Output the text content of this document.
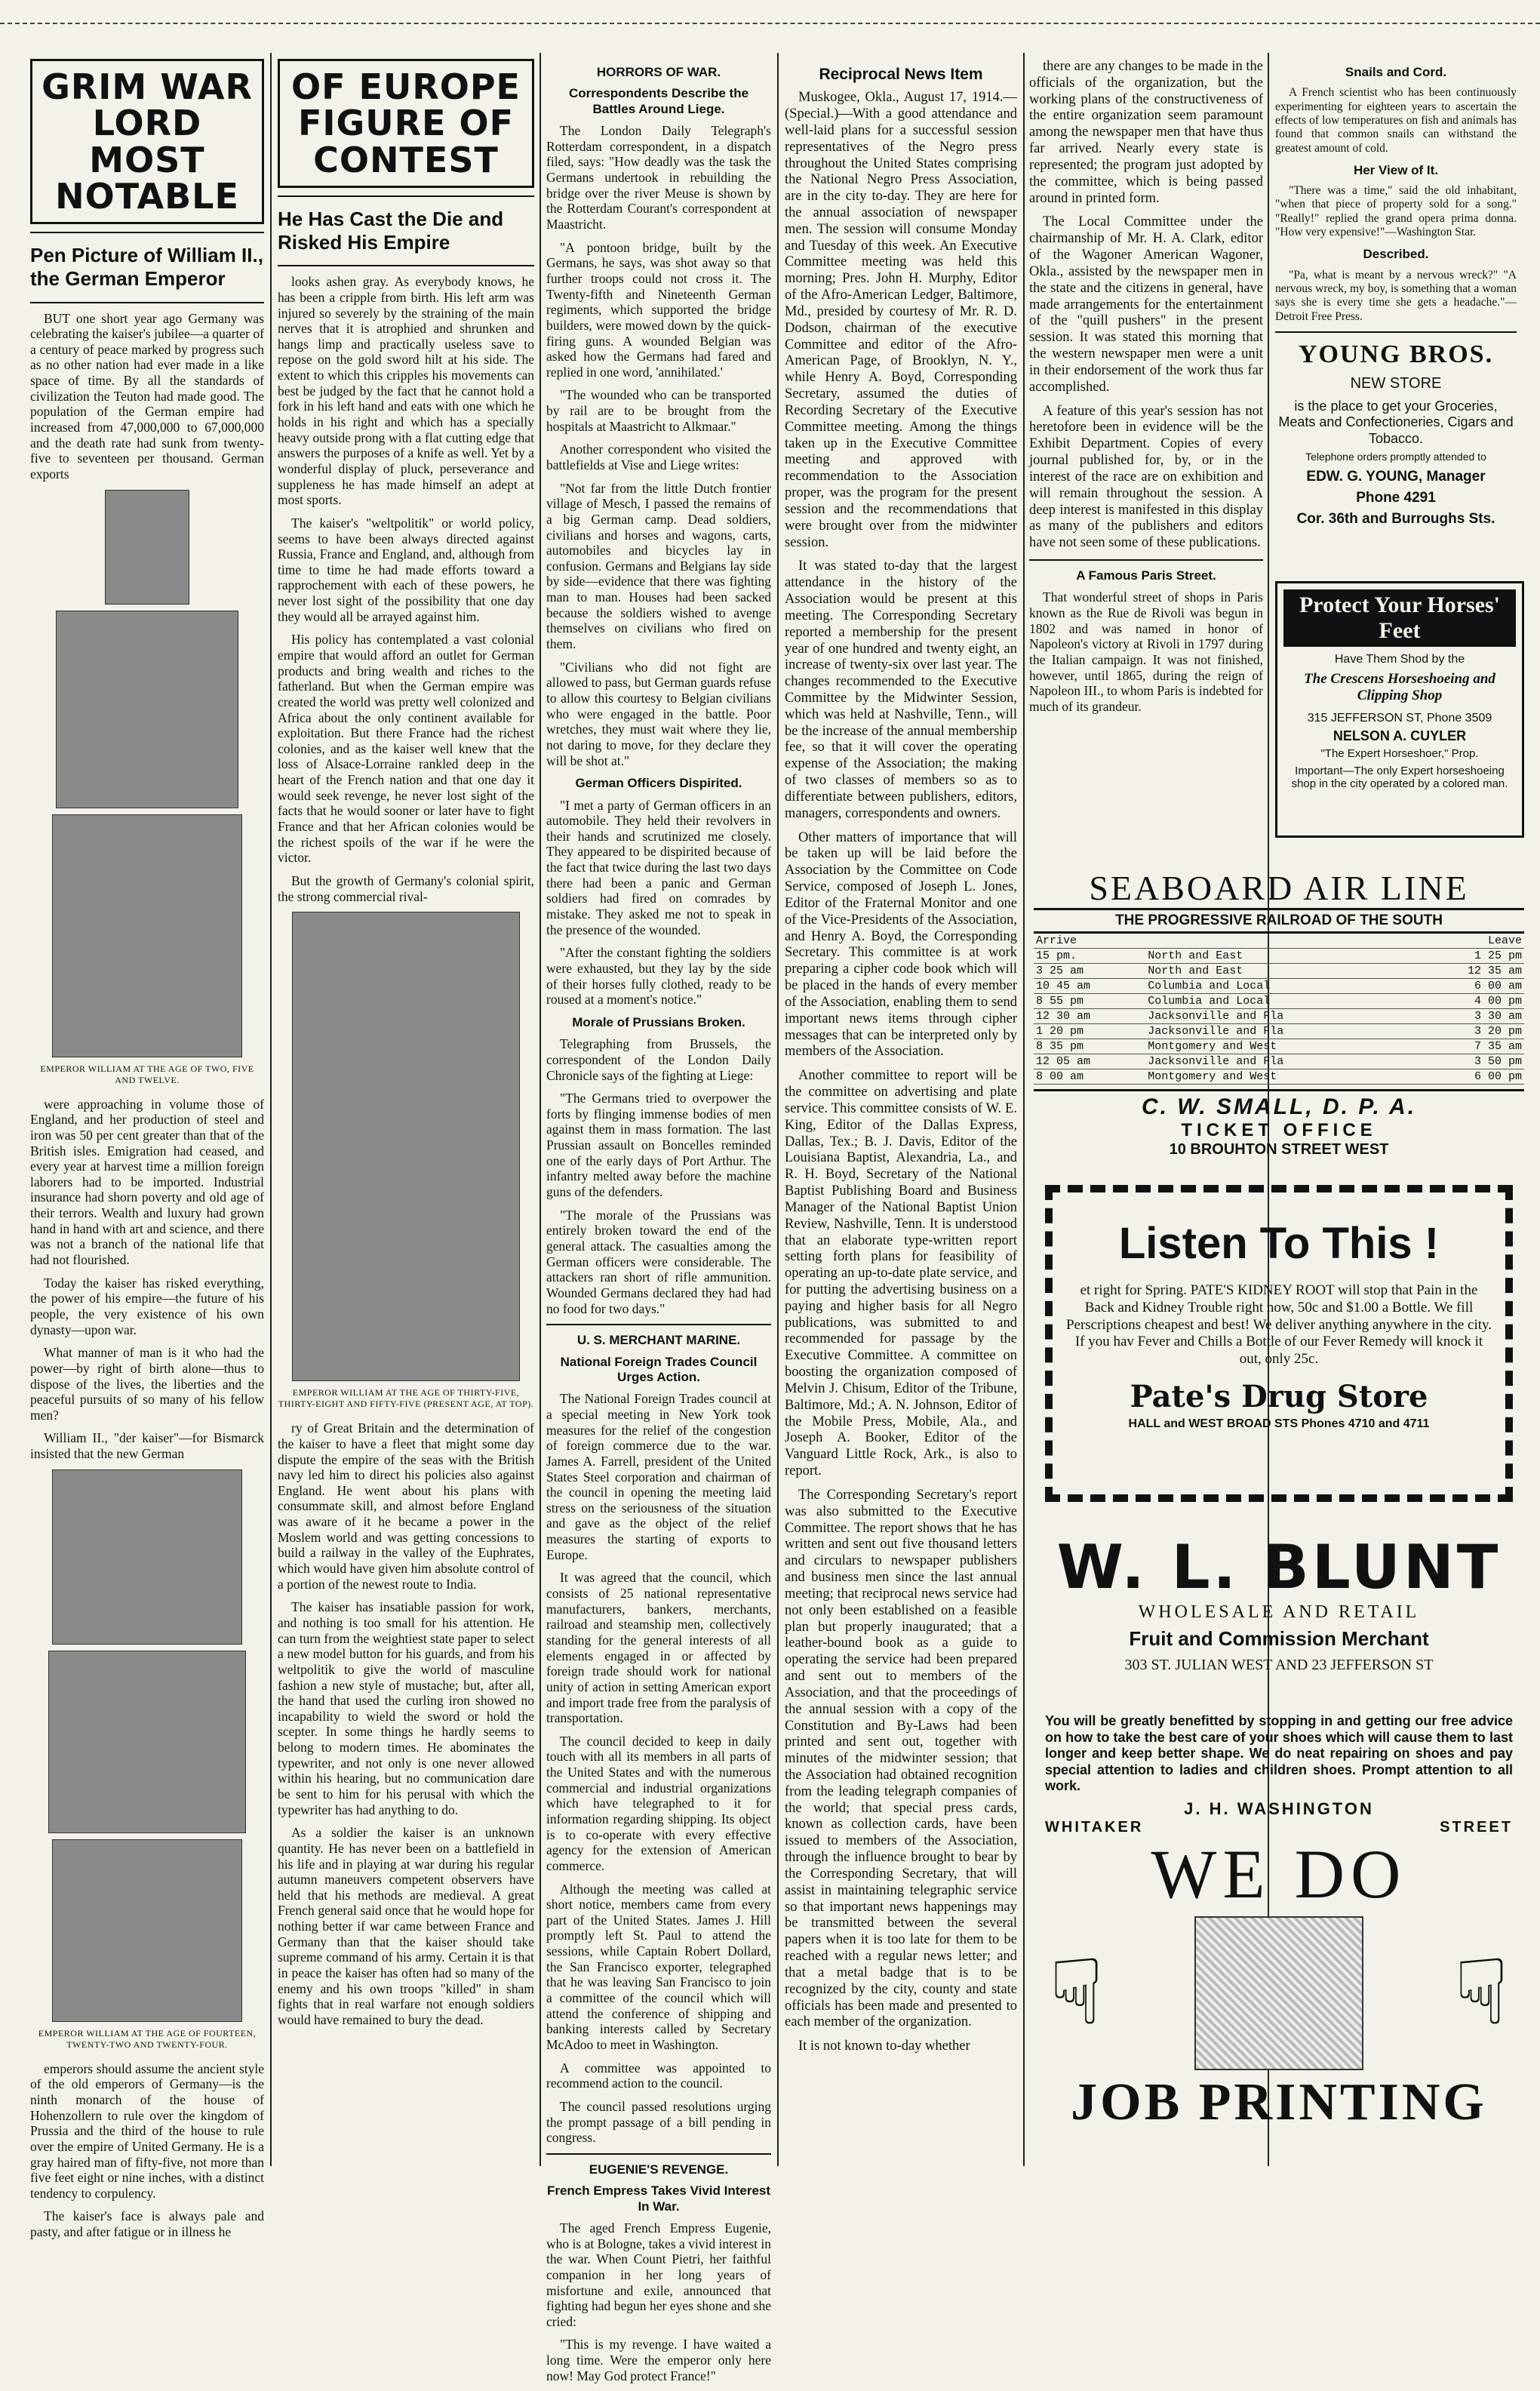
GRIM WAR LORD MOST NOTABLE
Pen Picture of William II., the German Emperor

BUT one short year ago Germany was celebrating the kaiser's jubilee—a quarter of a century of peace marked by progress such as no other nation had ever made in a like space of time. By all the standards of civilization the Teuton had made good. The population of the German empire had increased from 47,000,000 to 67,000,000 and the death rate had sunk from twenty-five to seventeen per thousand. German exports

EMPEROR WILLIAM AT THE AGE OF TWO, FIVE AND TWELVE.

were approaching in volume those of England, and her production of steel and iron was 50 per cent greater than that of the British isles. Emigration had ceased, and every year at harvest time a million foreign laborers had to be imported. Industrial insurance had shorn poverty and old age of their terrors. Wealth and luxury had grown hand in hand with art and science, and there was not a branch of the national life that had not flourished.

Today the kaiser has risked everything, the power of his empire—the future of his people, the very existence of his own dynasty—upon war.

What manner of man is it who had the power—by right of birth alone—thus to dispose of the lives, the liberties and the peaceful pursuits of so many of his fellow men?

William II., "der kaiser"—for Bismarck insisted that the new German

EMPEROR WILLIAM AT THE AGE OF FOURTEEN, TWENTY-TWO AND TWENTY-FOUR.

emperors should assume the ancient style of the old emperors of Germany—is the ninth monarch of the house of Hohenzollern to rule over the kingdom of Prussia and the third of the house to rule over the empire of United Germany. He is a gray haired man of fifty-five, not more than five feet eight or nine inches, with a distinct tendency to corpulency.

The kaiser's face is always pale and pasty, and after fatigue or in illness he

OF EUROPE FIGURE OF CONTEST
He Has Cast the Die and Risked His Empire

looks ashen gray. As everybody knows, he has been a cripple from birth. His left arm was injured so severely by the straining of the main nerves that it is atrophied and shrunken and hangs limp and practically useless save to repose on the gold sword hilt at his side. The extent to which this cripples his movements can best be judged by the fact that he cannot hold a fork in his left hand and eats with one which he holds in his right and which has a specially heavy outside prong with a flat cutting edge that answers the purposes of a knife as well. Yet by a wonderful display of pluck, perseverance and suppleness he has made himself an adept at most sports.

The kaiser's "weltpolitik" or world policy, seems to have been always directed against Russia, France and England, and, although from time to time he had made efforts toward a rapprochement with each of these powers, he never lost sight of the possibility that one day they would all be arrayed against him.

His policy has contemplated a vast colonial empire that would afford an outlet for German products and bring wealth and riches to the fatherland. But when the German empire was created the world was pretty well colonized and Africa about the only continent available for exploitation. But there France had the richest colonies, and as the kaiser well knew that the loss of Alsace-Lorraine rankled deep in the heart of the French nation and that one day it would seek revenge, he never lost sight of the facts that he would sooner or later have to fight France and that her African colonies would be the richest spoils of the war if he were the victor.

But the growth of Germany's colonial spirit, the strong commercial rival-

EMPEROR WILLIAM AT THE AGE OF THIRTY-FIVE, THIRTY-EIGHT AND FIFTY-FIVE (PRESENT AGE, AT TOP).

ry of Great Britain and the determination of the kaiser to have a fleet that might some day dispute the empire of the seas with the British navy led him to direct his policies also against England. He went about his plans with consummate skill, and almost before England was aware of it he became a power in the Moslem world and was getting concessions to build a railway in the valley of the Euphrates, which would have given him absolute control of a portion of the newest route to India.

The kaiser has insatiable passion for work, and nothing is too small for his attention. He can turn from the weightiest state paper to select a new model button for his guards, and from his weltpolitik to give the world of masculine fashion a new style of mustache; but, after all, the hand that used the curling iron showed no incapability to wield the sword or hold the scepter. In some things he hardly seems to belong to modern times. He abominates the typewriter, and not only is one never allowed within his hearing, but no communication dare be sent to him for his perusal with which the typewriter has had anything to do.

As a soldier the kaiser is an unknown quantity. He has never been on a battlefield in his life and in playing at war during his regular autumn maneuvers competent observers have held that his methods are medieval. A great French general said once that he would hope for nothing better if war came between France and Germany than that the kaiser should take supreme command of his army. Certain it is that in peace the kaiser has often had so many of the enemy and his own troops "killed" in sham fights that in real warfare not enough soldiers would have remained to bury the dead.

HORRORS OF WAR.
Correspondents Describe the Battles Around Liege.

The London Daily Telegraph's Rotterdam correspondent, in a dispatch filed, says: "How deadly was the task the Germans undertook in rebuilding the bridge over the river Meuse is shown by the Rotterdam Courant's correspondent at Maastricht.

"A pontoon bridge, built by the Germans, he says, was shot away so that further troops could not cross it. The Twenty-fifth and Nineteenth German regiments, which supported the bridge builders, were mowed down by the quick-firing guns. A wounded Belgian was asked how the Germans had fared and replied in one word, 'annihilated.'

"The wounded who can be transported by rail are to be brought from the hospitals at Maastricht to Alkmaar."

Another correspondent who visited the battlefields at Vise and Liege writes:

"Not far from the little Dutch frontier village of Mesch, I passed the remains of a big German camp. Dead soldiers, civilians and horses and wagons, carts, automobiles and bicycles lay in confusion. Germans and Belgians lay side by side—evidence that there was fighting man to man. Houses had been sacked because the soldiers wished to avenge themselves on civilians who fired on them.

"Civilians who did not fight are allowed to pass, but German guards refuse to allow this courtesy to Belgian civilians who were engaged in the battle. Poor wretches, they must wait where they lie, not daring to move, for they declare they will be shot at."

German Officers Dispirited.

"I met a party of German officers in an automobile. They held their revolvers in their hands and scrutinized me closely. They appeared to be dispirited because of the fact that twice during the last two days there had been a panic and German soldiers had fired on comrades by mistake. They asked me not to speak in the presence of the wounded.

"After the constant fighting the soldiers were exhausted, but they lay by the side of their horses fully clothed, ready to be roused at a moment's notice."

Morale of Prussians Broken.

Telegraphing from Brussels, the correspondent of the London Daily Chronicle says of the fighting at Liege:

"The Germans tried to overpower the forts by flinging immense bodies of men against them in mass formation. The last Prussian assault on Boncelles reminded one of the early days of Port Arthur. The infantry melted away before the machine guns of the defenders.

"The morale of the Prussians was entirely broken toward the end of the general attack. The casualties among the German officers were considerable. The attackers ran short of rifle ammunition. Wounded Germans declared they had had no food for two days."

U. S. MERCHANT MARINE.
National Foreign Trades Council Urges Action.

The National Foreign Trades council at a special meeting in New York took measures for the relief of the congestion of foreign commerce due to the war. James A. Farrell, president of the United States Steel corporation and chairman of the council in opening the meeting laid stress on the seriousness of the situation and gave as the object of the relief measures the starting of exports to Europe.

It was agreed that the council, which consists of 25 national representative manufacturers, bankers, merchants, railroad and steamship men, collectively standing for the general interests of all elements engaged in or affected by foreign trade should work for national unity of action in setting American export and import trade free from the paralysis of transportation.

The council decided to keep in daily touch with all its members in all parts of the United States and with the numerous commercial and industrial organizations which have telegraphed to it for information regarding shipping. Its object is to co-operate with every effective agency for the extension of American commerce.

Although the meeting was called at short notice, members came from every part of the United States. James J. Hill promptly left St. Paul to attend the sessions, while Captain Robert Dollard, the San Francisco exporter, telegraphed that he was leaving San Francisco to join a committee of the council which will attend the conference of shipping and banking interests called by Secretary McAdoo to meet in Washington.

A committee was appointed to recommend action to the council.

The council passed resolutions urging the prompt passage of a bill pending in congress.

EUGENIE'S REVENGE.
French Empress Takes Vivid Interest In War.

The aged French Empress Eugenie, who is at Bologne, takes a vivid interest in the war. When Count Pietri, her faithful companion in her long years of misfortune and exile, announced that fighting had begun her eyes shone and she cried:

"This is my revenge. I have waited a long time. Were the emperor only here now! May God protect France!"

Reciprocal News Item

Muskogee, Okla., August 17, 1914.—(Special.)—With a good attendance and well-laid plans for a successful session representatives of the Negro press throughout the United States comprising the National Negro Press Association, are in the city to-day. They are here for the annual association of newspaper men. The session will consume Monday and Tuesday of this week. An Executive Committee meeting was held this morning; Pres. John H. Murphy, Editor of the Afro-American Ledger, Baltimore, Md., presided by courtesy of Mr. R. D. Dodson, chairman of the executive Committee and editor of the Afro-American Page, of Brooklyn, N. Y., while Henry A. Boyd, Corresponding Secretary, assumed the duties of Recording Secretary of the Executive Committee meeting. Among the things taken up in the Executive Committee meeting and approved with recommendation to the Association proper, was the program for the present session and the recommendations that were brought over from the midwinter session.

It was stated to-day that the largest attendance in the history of the Association would be present at this meeting. The Corresponding Secretary reported a membership for the present year of one hundred and twenty eight, an increase of twenty-six over last year. The changes recommended to the Executive Committee by the Midwinter Session, which was held at Nashville, Tenn., will be the increase of the annual membership fee, so that it will cover the operating expense of the Association; the making of two classes of members so as to differentiate between publishers, editors, managers, correspondents and owners.

Other matters of importance that will be taken up will be laid before the Association by the Committee on Code Service, composed of Joseph L. Jones, Editor of the Fraternal Monitor and one of the Vice-Presidents of the Association, and Henry A. Boyd, the Corresponding Secretary. This committee is at work preparing a cipher code book which will be placed in the hands of every member of the Association, enabling them to send important news items through cipher messages that can be interpreted only by members of the Association.

Another committee to report will be the committee on advertising and plate service. This committee consists of W. E. King, Editor of the Dallas Express, Dallas, Tex.; B. J. Davis, Editor of the Louisiana Baptist, Alexandria, La., and R. H. Boyd, Secretary of the National Baptist Publishing Board and Business Manager of the National Baptist Union Review, Nashville, Tenn. It is understood that an elaborate type-written report setting forth plans for feasibility of operating an up-to-date plate service, and for putting the advertising business on a paying and higher basis for all Negro publications, was submitted to and recommended for passage by the Executive Committee. A committee on boosting the organization composed of Melvin J. Chisum, Editor of the Tribune, Baltimore, Md.; A. N. Johnson, Editor of the Mobile Press, Mobile, Ala., and Joseph A. Booker, Editor of the Vanguard Little Rock, Ark., is also to report.

The Corresponding Secretary's report was also submitted to the Executive Committee. The report shows that he has written and sent out five thousand letters and circulars to newspaper publishers and business men since the last annual meeting; that reciprocal news service had not only been established on a feasible plan but properly inaugurated; that a leather-bound book as a guide to operating the service had been prepared and sent out to members of the Association, and that the proceedings of the annual session with a copy of the Constitution and By-Laws had been printed and sent out, together with minutes of the midwinter session; that the Association had obtained recognition from the leading telegraph companies of the world; that special press cards, known as collection cards, have been issued to members of the Association, through the influence brought to bear by the Corresponding Secretary, that will assist in maintaining telegraphic service so that important news happenings may be transmitted between the several papers when it is too late for them to be reached with a regular news letter; and that a metal badge that is to be recognized by the city, county and state officials has been made and presented to each member of the organization.

It is not known to-day whether

there are any changes to be made in the officials of the organization, but the working plans of the constructiveness of the entire organization seem paramount among the newspaper men that have thus far arrived. Nearly every state is represented; the program just adopted by the committee, which is being passed around in printed form.

The Local Committee under the chairmanship of Mr. H. A. Clark, editor of the Wagoner American Wagoner, Okla., assisted by the newspaper men in the state and the citizens in general, have made arrangements for the entertainment of the "quill pushers" in the present session. It was stated this morning that the western newspaper men were a unit in their endorsement of the work thus far accomplished.

A feature of this year's session has not heretofore been in evidence will be the Exhibit Department. Copies of every journal published for, by, or in the interest of the race are on exhibition and will remain throughout the session. A deep interest is manifested in this display as many of the publishers and editors have not seen some of these publications.

A Famous Paris Street.

That wonderful street of shops in Paris known as the Rue de Rivoli was begun in 1802 and was named in honor of Napoleon's victory at Rivoli in 1797 during the Italian campaign. It was not finished, however, until 1865, during the reign of Napoleon III., to whom Paris is indebted for much of its grandeur.

Snails and Cord.

A French scientist who has been continuously experimenting for eighteen years to ascertain the effects of low temperatures on fish and animals has found that common snails can withstand the greatest amount of cold.

Her View of It.

"There was a time," said the old inhabitant, "when that piece of property sold for a song." "Really!" replied the grand opera prima donna. "How very expensive!"—Washington Star.

Described.

"Pa, what is meant by a nervous wreck?" "A nervous wreck, my boy, is something that a woman says she is every time she gets a headache."—Detroit Free Press.

YOUNG BROS.
NEW STORE
is the place to get your Groceries, Meats and Confectioneries, Cigars and Tobacco.
Telephone orders promptly attended to
EDW. G. YOUNG, Manager
Phone 4291
Cor. 36th and Burroughs Sts.
Protect Your Horses' Feet
Have Them Shod by the
The Crescens Horseshoeing and Clipping Shop
315 JEFFERSON ST, Phone 3509
NELSON A. CUYLER
"The Expert Horseshoer," Prop.
Important—The only Expert horseshoeing shop in the city operated by a colored man.
SEABOARD AIR LINE
THE PROGRESSIVE RAILROAD OF THE SOUTH
Arrive		Leave
15 pm.	North and East	1 25 pm
3 25 am	North and East	12 35 am
10 45 am	Columbia and Local	6 00 am
8 55 pm	Columbia and Local	4 00 pm
12 30 am	Jacksonville and Fla	3 30 am
1 20 pm	Jacksonville and Fla	3 20 pm
8 35 pm	Montgomery and West	7 35 am
12 05 am	Jacksonville and Fla	3 50 pm
8 00 am	Montgomery and West	6 00 pm
C. W. SMALL, D. P. A.
TICKET OFFICE
10 BROUHTON STREET WEST
Listen To This !
et right for Spring. PATE'S KIDNEY ROOT will stop that Pain in the Back and Kidney Trouble right now, 50c and $1.00 a Bottle. We fill Perscriptions cheapest and best! We deliver anything anywhere in the city. If you hav Fever and Chills a Bottle of our Fever Remedy will knock it out, only 25c.
Pate's Drug Store
HALL and WEST BROAD STS Phones 4710 and 4711
W. L. BLUNT
WHOLESALE AND RETAIL
Fruit and Commission Merchant
303 ST. JULIAN WEST AND 23 JEFFERSON ST
You will be greatly benefitted by stopping in and getting our free advice on how to take the best care of your shoes which will cause them to last longer and keep better shape. We do neat repairing on shoes and pay special attention to ladies and children shoes. Prompt attention to all work.
J. H. WASHINGTON
WHITAKER	STREET
WE DO
☟	☟
JOB PRINTING
